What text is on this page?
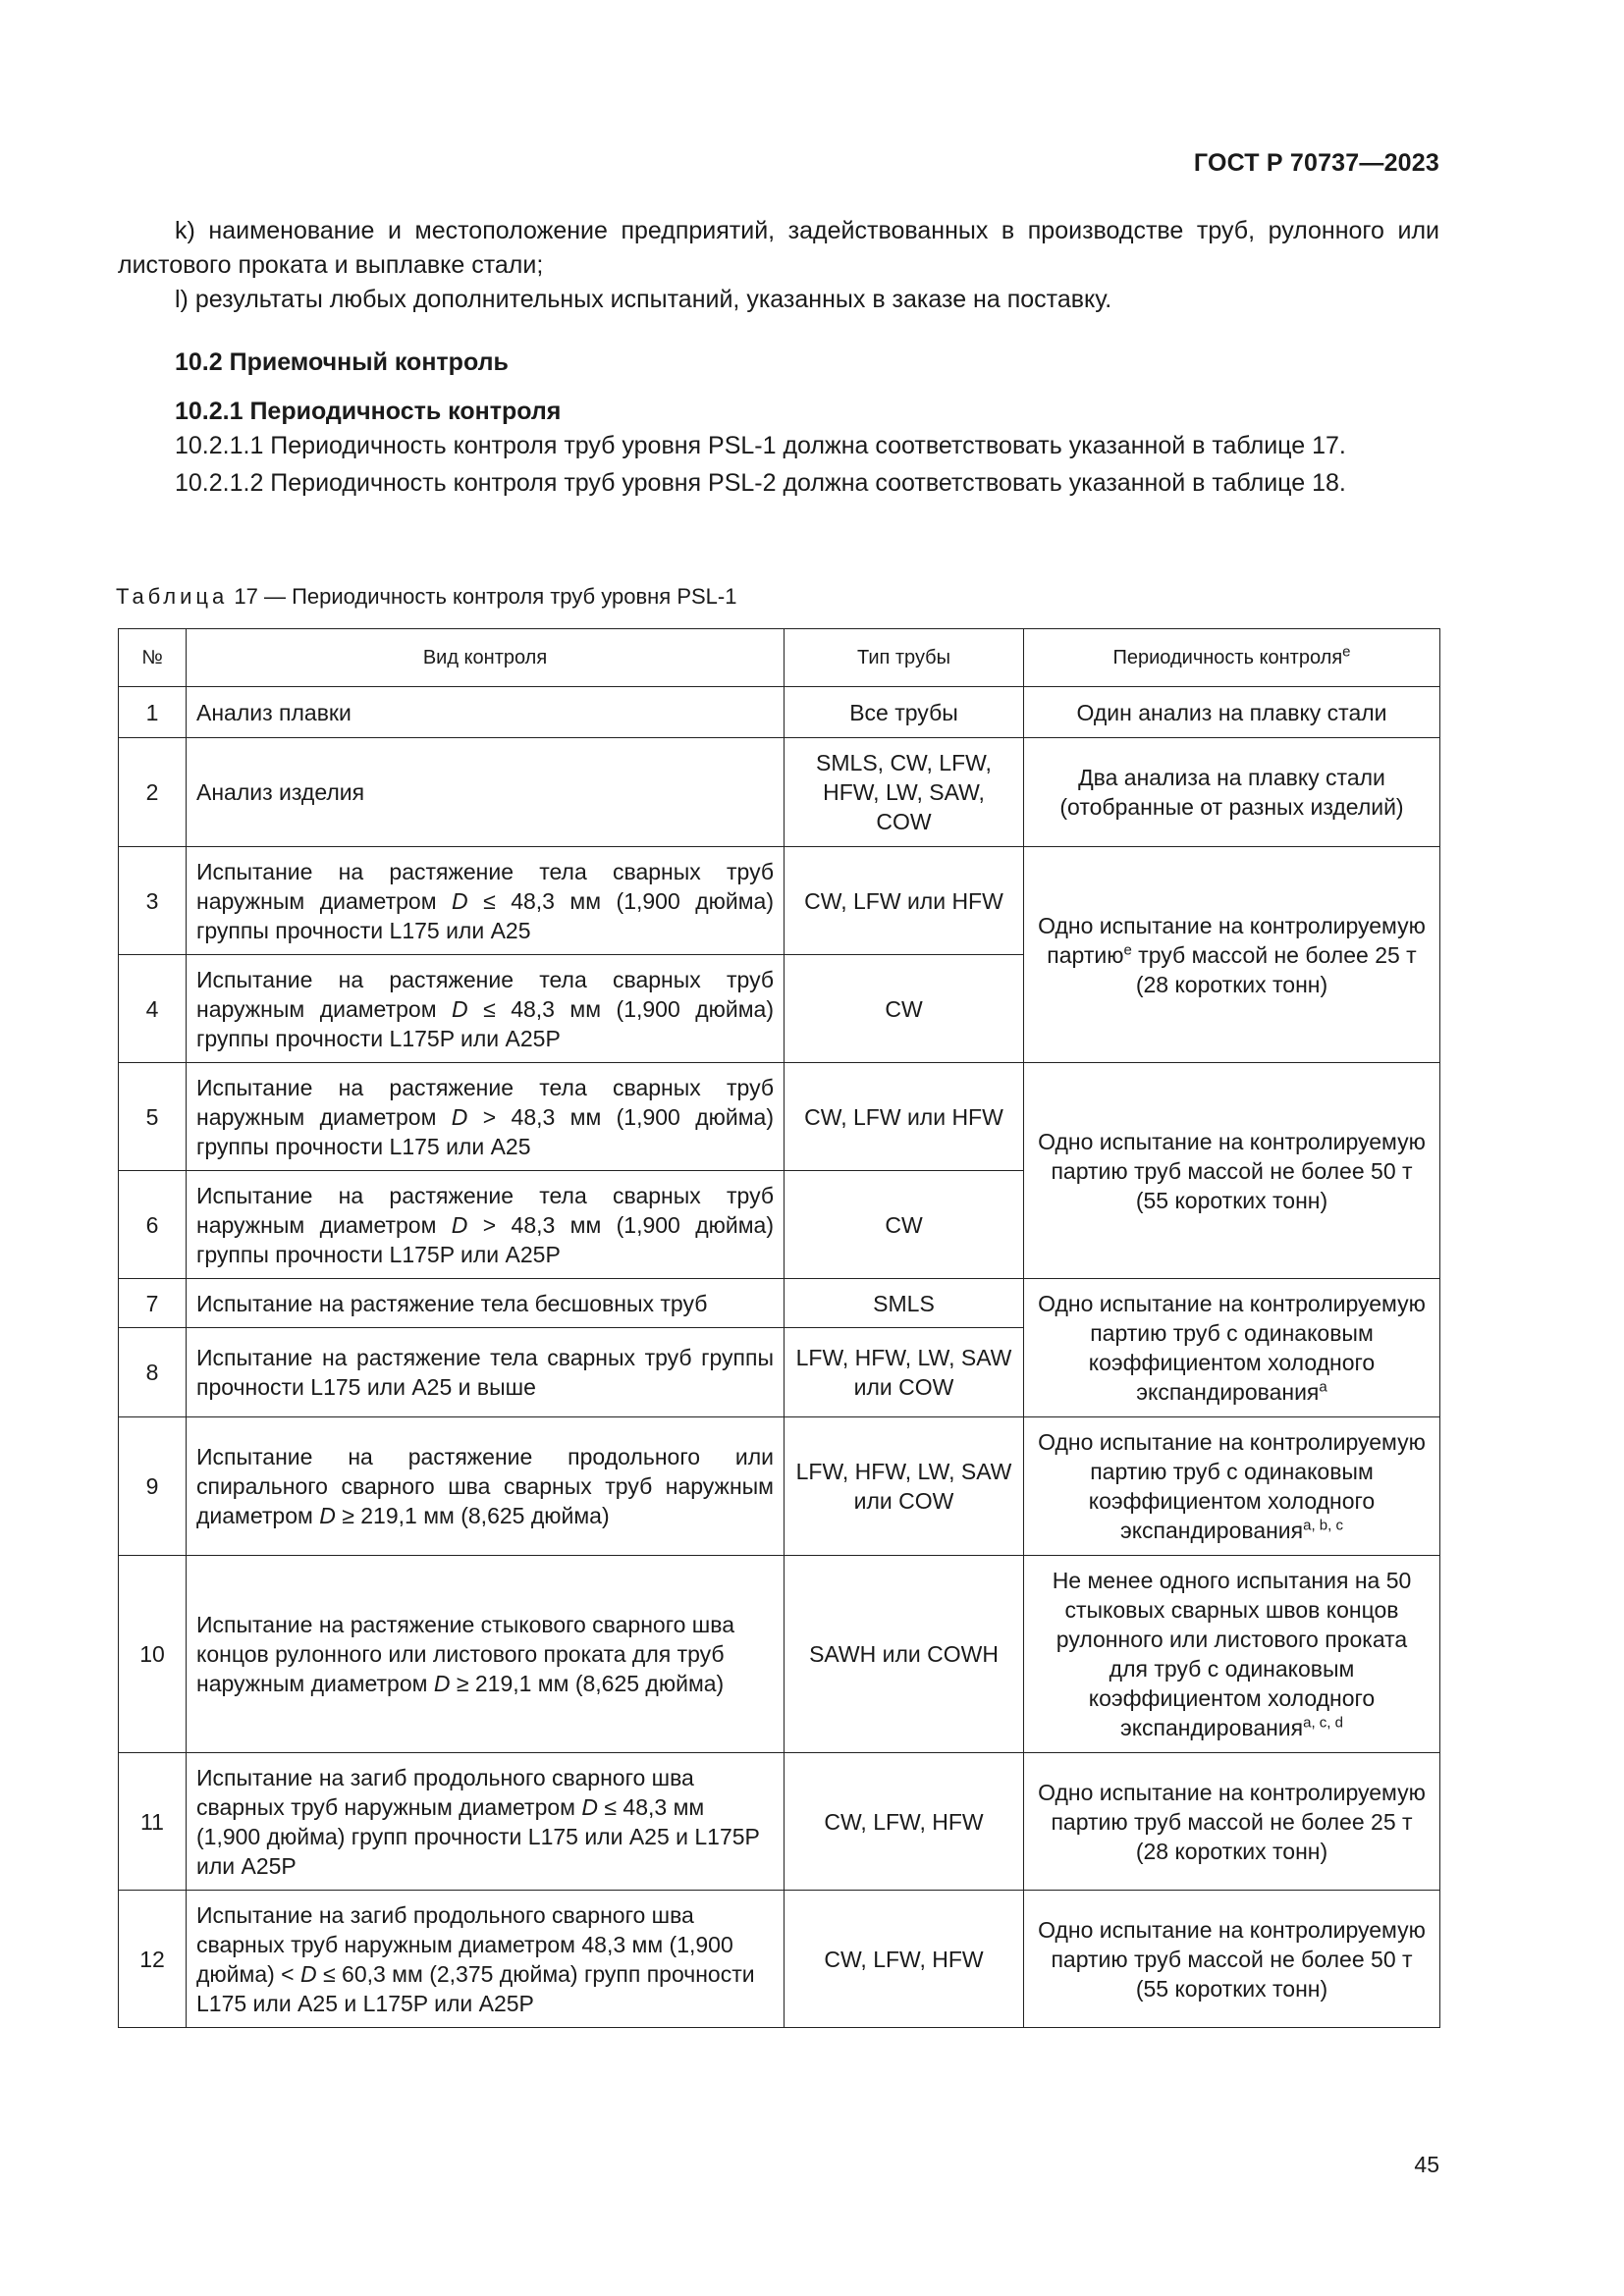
ГОСТ Р 70737—2023

k) наименование и местоположение предприятий, задействованных в производстве труб, рулонного или листового проката и выплавке стали;

l) результаты любых дополнительных испытаний, указанных в заказе на поставку.

10.2 Приемочный контроль

10.2.1 Периодичность контроля

10.2.1.1 Периодичность контроля труб уровня PSL-1 должна соответствовать указанной в таблице 17.

10.2.1.2 Периодичность контроля труб уровня PSL-2 должна соответствовать указанной в таблице 18.

Таблица 17 — Периодичность контроля труб уровня PSL-1
№	Вид контроля	Тип трубы	Периодичность контроля$^e$
1	Анализ плавки	Все трубы	Один анализ на плавку стали
2	Анализ изделия	SMLS, CW, LFW, HFW, LW, SAW, COW	Два анализа на плавку стали (отобранные от разных изделий)
3	Испытание на растяжение тела сварных труб наружным диаметром D ≤ 48,3 мм (1,900 дюйма) группы прочности L175 или A25	CW, LFW или HFW	Одно испытание на контролируемую партию$^e$ труб массой не более 25 т (28 коротких тонн)
4	Испытание на растяжение тела сварных труб наружным диаметром D ≤ 48,3 мм (1,900 дюйма) группы прочности L175P или A25P	CW	
5	Испытание на растяжение тела сварных труб наружным диаметром D > 48,3 мм (1,900 дюйма) группы прочности L175 или A25	CW, LFW или HFW	Одно испытание на контролируемую партию труб массой не более 50 т (55 коротких тонн)
6	Испытание на растяжение тела сварных труб наружным диаметром D > 48,3 мм (1,900 дюйма) группы прочности L175P или A25P	CW	
7	Испытание на растяжение тела бесшовных труб	SMLS	Одно испытание на контролируемую партию труб с одинаковым коэффициентом холодного экспандирования$^a$
8	Испытание на растяжение тела сварных труб группы прочности L175 или A25 и выше	LFW, HFW, LW, SAW или COW	
9	Испытание на растяжение продольного или спирального сварного шва сварных труб наружным диаметром D ≥ 219,1 мм (8,625 дюйма)	LFW, HFW, LW, SAW или COW	Одно испытание на контролируемую партию труб с одинаковым коэффициентом холодного экспандирования$^{a, b, c}$
10	Испытание на растяжение стыкового сварного шва концов рулонного или листового проката для труб наружным диаметром D ≥ 219,1 мм (8,625 дюйма)	SAWH или COWH	Не менее одного испытания на 50 стыковых сварных швов концов рулонного или листового проката для труб с одинаковым коэффициентом холодного экспандирования$^{a, c, d}$
11	Испытание на загиб продольного сварного шва сварных труб наружным диаметром D ≤ 48,3 мм (1,900 дюйма) групп прочности L175 или A25 и L175P или A25P	CW, LFW, HFW	Одно испытание на контролируемую партию труб массой не более 25 т (28 коротких тонн)
12	Испытание на загиб продольного сварного шва сварных труб наружным диаметром 48,3 мм (1,900 дюйма) < D ≤ 60,3 мм (2,375 дюйма) групп прочности L175 или A25 и L175P или A25P	CW, LFW, HFW	Одно испытание на контролируемую партию труб массой не более 50 т (55 коротких тонн)
45
